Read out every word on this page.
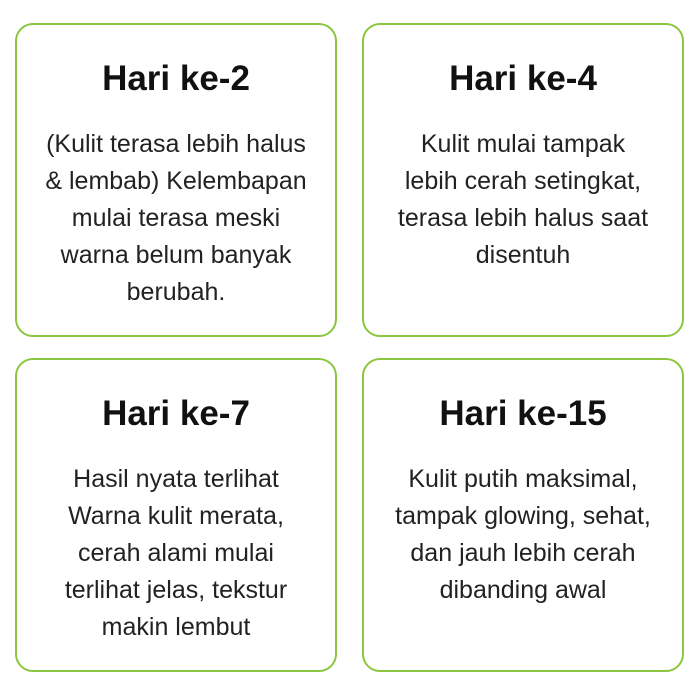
Hari ke-2
(Kulit terasa lebih halus
& lembab) Kelembapan
mulai terasa meski
warna belum banyak
berubah.
Hari ke-4
Kulit mulai tampak
lebih cerah setingkat,
terasa lebih halus saat
disentuh
Hari ke-7
Hasil nyata terlihat
Warna kulit merata,
cerah alami mulai
terlihat jelas, tekstur
makin lembut
Hari ke-15
Kulit putih maksimal,
tampak glowing, sehat,
dan jauh lebih cerah
dibanding awal
